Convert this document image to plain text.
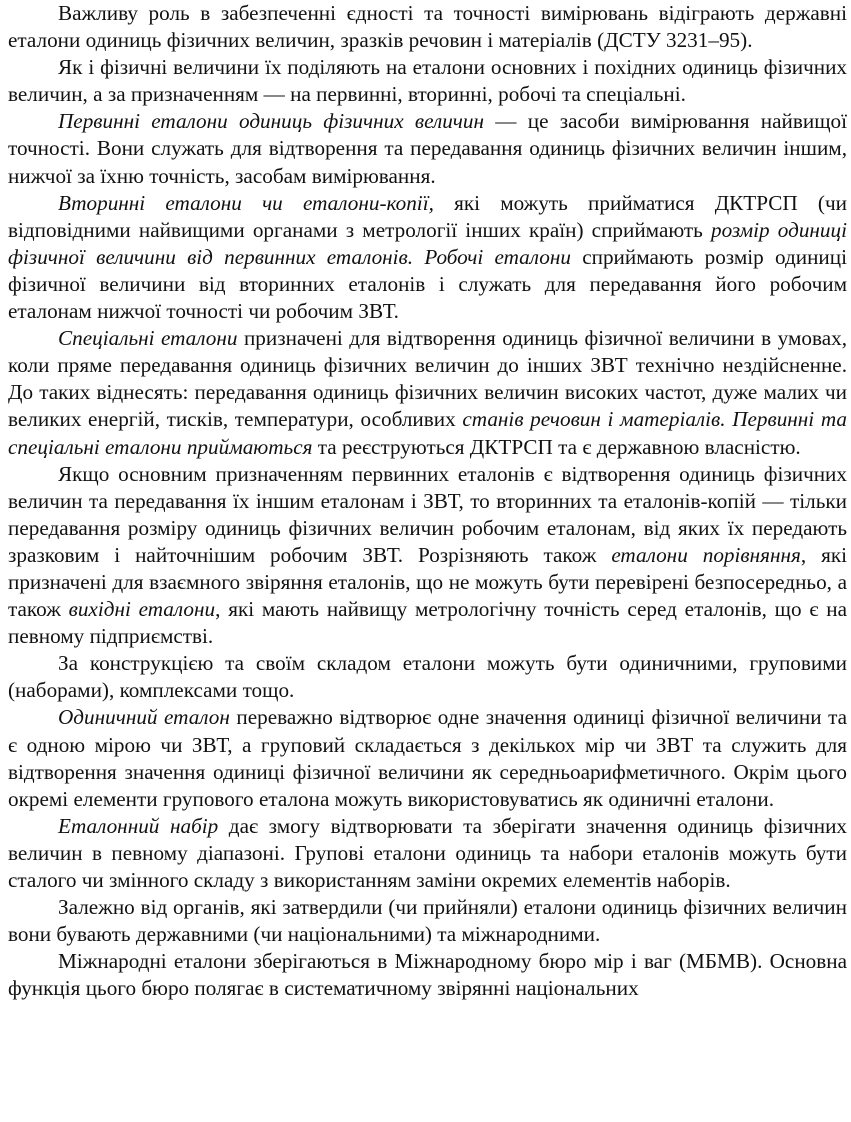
Важливу роль в забезпеченні єдності та точності вимірювань відіграють державні еталони одиниць фізичних величин, зразків речовин і матеріалів (ДСТУ 3231–95).

Як і фізичні величини їх поділяють на еталони основних і похідних одиниць фізичних величин, а за призначенням — на первинні, вторинні, робочі та спеціальні.

Первинні еталони одиниць фізичних величин — це засоби вимірювання найвищої точності. Вони служать для відтворення та передавання одиниць фізичних величин іншим, нижчої за їхню точність, засобам вимірювання.

Вторинні еталони чи еталони-копії, які можуть прийматися ДКТРСП (чи відповідними найвищими органами з метрології інших країн) сприймають розмір одиниці фізичної величини від первинних еталонів. Робочі еталони сприймають розмір одиниці фізичної величини від вторинних еталонів і служать для передавання його робочим еталонам нижчої точності чи робочим ЗВТ.

Спеціальні еталони призначені для відтворення одиниць фізичної величини в умовах, коли пряме передавання одиниць фізичних величин до інших ЗВТ технічно нездійсненне. До таких віднесять: передавання одиниць фізичних величин високих частот, дуже малих чи великих енергій, тисків, температури, особливих станів речовин і матеріалів. Первинні та спеціальні еталони приймаються та реєструються ДКТРСП та є державною власністю.

Якщо основним призначенням первинних еталонів є відтворення одиниць фізичних величин та передавання їх іншим еталонам і ЗВТ, то вторинних та еталонів-копій — тільки передавання розміру одиниць фізичних величин робочим еталонам, від яких їх передають зразковим і найточнішим робочим ЗВТ. Розрізняють також еталони порівняння, які призначені для взаємного звіряння еталонів, що не можуть бути перевірені безпосередньо, а також вихідні еталони, які мають найвищу метрологічну точність серед еталонів, що є на певному підприємстві.

За конструкцією та своїм складом еталони можуть бути одиничними, груповими (наборами), комплексами тощо.

Одиничний еталон переважно відтворює одне значення одиниці фізичної величини та є одною мірою чи ЗВТ, а груповий складається з декількох мір чи ЗВТ та служить для відтворення значення одиниці фізичної величини як середньоарифметичного. Окрім цього окремі елементи групового еталона можуть використовуватись як одиничні еталони.

Еталонний набір дає змогу відтворювати та зберігати значення одиниць фізичних величин в певному діапазоні. Групові еталони одиниць та набори еталонів можуть бути сталого чи змінного складу з використанням заміни окремих елементів наборів.

Залежно від органів, які затвердили (чи прийняли) еталони одиниць фізичних величин вони бувають державними (чи національними) та міжнародними.

Міжнародні еталони зберігаються в Міжнародному бюро мір і ваг (МБМВ). Основна функція цього бюро полягає в систематичному звірянні національних
